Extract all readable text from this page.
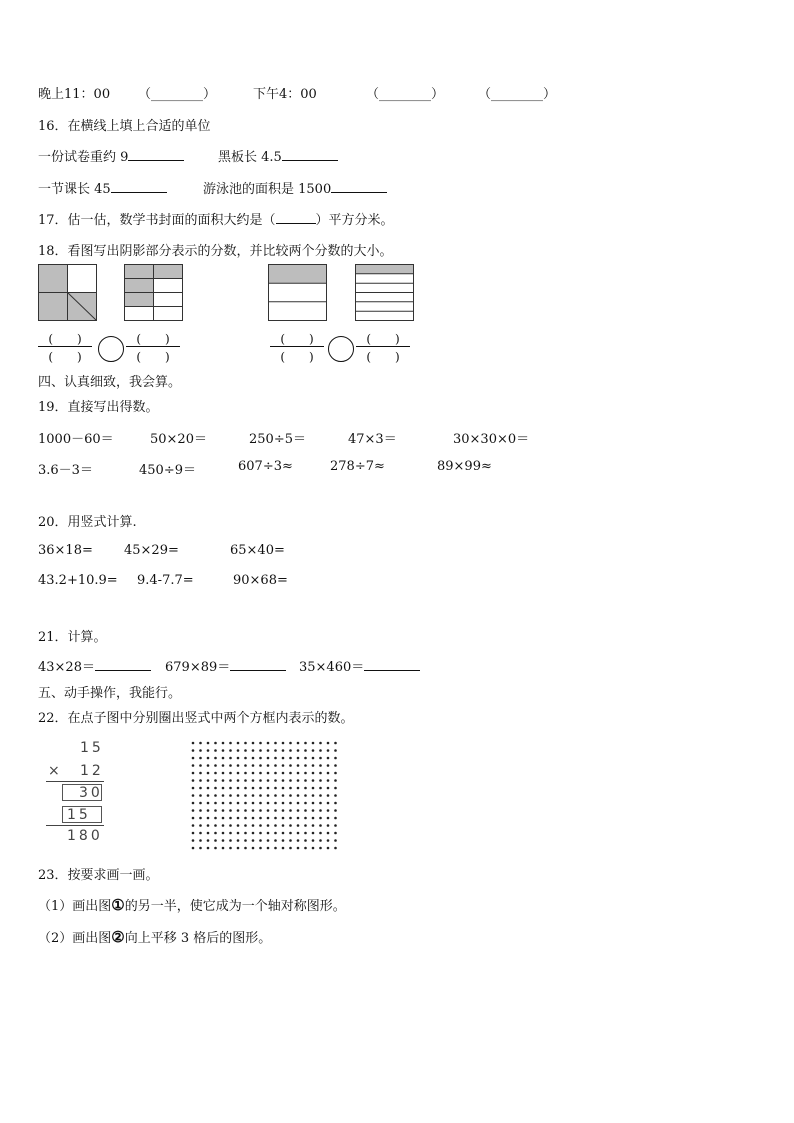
晚上11：00 （________）	下午4：00	（________）	（________）
16．在横线上填上合适的单位
一份试卷重约 9	黑板长 4.5
一节课长 45	游泳池的面积是 1500
17．估一估，数学书封面的面积大约是（	）平方分米。
18．看图写出阴影部分表示的分数，并比较两个分数的大小。
(　　)
(　　)
(　　)
(　　)
(　　)
(　　)
(　　)
(　　)
四、认真细致，我会算。
19．直接写出得数。
1000－60＝	50×20＝	250÷5＝	47×3＝	30×30×0＝
3.6－3＝	450÷9＝	607÷3≈	278÷7≈	89×99≈
20．用竖式计算.
36×18= 45×29=	65×40=
43.2+10.9= 9.4-7.7=	90×68=
21．计算。
43×28＝	679×89＝	35×460＝
五、动手操作，我能行。
22．在点子图中分别圈出竖式中两个方框内表示的数。
15
× 12
30
15
180
23．按要求画一画。
（1）画出图①的另一半，使它成为一个轴对称图形。
（2）画出图②向上平移 3 格后的图形。
